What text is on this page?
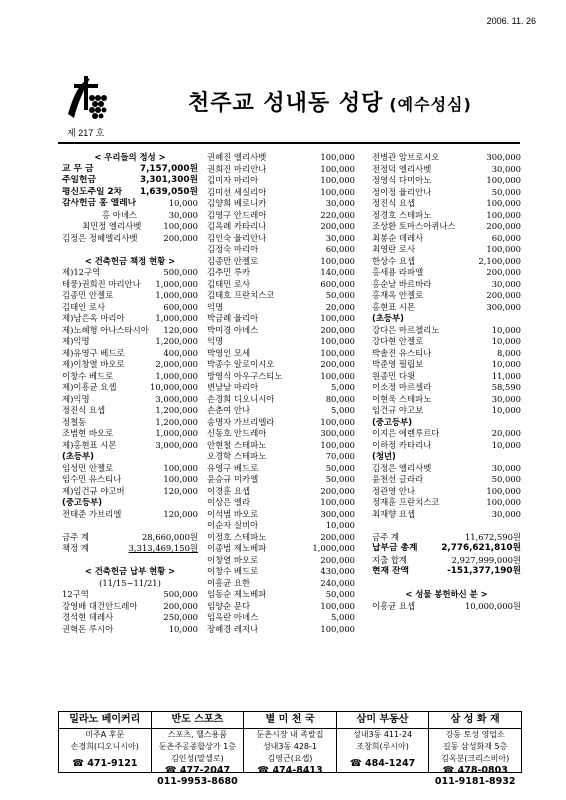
2006. 11. 26
제 217 호
천주교 성내동 성당 (예수성심)
< 우리들의 정성 >
교 무 금	7,157,000원
주일헌금	3,301,300원
평신도주일 2차 1,639,050원
감사헌금 홍 엘레나	10,000
홍 아녜스	30,000
최민정 엘리사벳	100,000
김정은 정혜엘리사벳	200,000
< 건축헌금 책정 현황 >
제)12구역	500,000
테풍)권희진 마리안나 1,000,000
김종민 안젤로	1,000,000
김태인 로사	600,000
제)남은옥 마리아	1,000,000
제)노혜형 아나스타시아 120,000
제)익명	1,200,000
제)유영구 베드로	400,000
제)이창열 바오로	2,000,000
이창수 베드로	1,000,000
제)이흥균 요셉	10,000,000
제)익명	3,000,000
정진식 요셉	1,200,000
정철동	1,200,000
조범현 바오로	1,000,000
제)홍현표 시몬	3,000,000
(초등부)
임성민 안젤로	100,000
임수민 유스티나	100,000
제)임건규 야고버	120,000
(중고등부)
전태준 가브리엘	120,000
금주 계	28,660,000원
책정 계	3,313,469,150원
< 건축헌금 납부 현황 >
(11/15~11/21)
12구역	500,000
강영배 대건안드레아	200,000
경석현 데레사	250,000
권혁돈 루시아	10,000
권혜진 엘리사벳	100,000
권희진 마리안나	100,000
김미자 마리아	100,000
김미선 세실리아	100,000
김양희 베로니카	30,000
김영구 안드레아	220,000
김옥례 카타리나	200,000
김인숙 율리안나	30,000
김정숙 마리아	60,000
김종만 안젤로	100,000
김추민 루카	140,000
김태민 로사	600,000
김태호 프란치스코	50,000
익명	20,000
박금례 율리아	100,000
박미경 아녜스	200,000
익명	100,000
박영인 모세	100,000
박종수 알로이시오	200,000
방영식 아우구스티노	100,000
변남남 마리아	5,000
손경희 디오니시아	80,000
손춘여 안나	5,000
송명자 가브리엘라	100,000
신동호 안드레아	300,000
안현철 스테파노	100,000
오경학 스테파노	70,000
유영구 베드로	50,000
윤승규 미카엘	50,000
이경훈 요셉	200,000
이상은 엘라	100,000
이석범 바오로	300,000
이순자 실비아	10,000
이정호 스테파노	200,000
이종범 제노베파	1,000,000
이창열 바오로	200,000
이창수 베드로	430,000
이흥균 요한	240,000
임동순 제노베파	50,000
임양순 문다	100,000
임옥란 아녜스	5,000
장혜경 레지나	100,000
전병관 암브로시오	300,000
전정덕 엘리사벳	30,000
정영식 다미아노	100,000
정이정 율리안나	50,000
정진식 요셉	100,000
정경호 스테파노	100,000
조상환 토마스아퀴나스	200,000
최봉순 데레사	60,000
최영란 로사	100,000
한상수 요셉	2,100,000
홍세용 라파엘	200,000
홍순남 바르바라	30,000
홍재옥 안젤로	200,000
홍현표 시몬	300,000
(초등부)
강다은 마르첼리노	10,000
강다현 안젤로	10,000
박솔진 유스티나	8,000
박준영 필립보	10,000
원종민 다윗	11,000
이소정 마르셀라	58,590
이현욱 스테파노	30,000
임건규 야고보	10,000
(중고등부)
이지은 에렌루르다	20,000
이하정 카타리나	10,000
(청년)
김정은 엘리사벳	30,000
윤천선 글라라	50,000
정관영 안나	100,000
정재훈 프란치스코	100,000
최재향 요셉	30,000
금주 계	11,672,590원
납부금 총계	2,776,621,810원
지출 합계	2,927,999,000원
현재 잔액	-151,377,190원
< 성물 봉헌하신 분 >
이흥균 요셉	10,000,000원
밀라노 베이커리
미주A 후문
손경희(디오니시아)
☎ 471-9121
반도 스포츠
스포츠, 헬스용품
둔촌주공종합상가 1층
김인성(말셀로)
☎ 477-2047
011-9953-8680
별 미 천 국
둔촌시장 내 족발집
성내3동 428-1
김영근(요셉)
☎ 474-8413
삼미 부동산
성내3동 411-24
조창희(루시아)
☎ 484-1247
삼 성 화 재
강동 토성 영업소
길동 삼성화재 5층
김옥분(크리스비아)
☎ 478-0803
011-9181-8932
